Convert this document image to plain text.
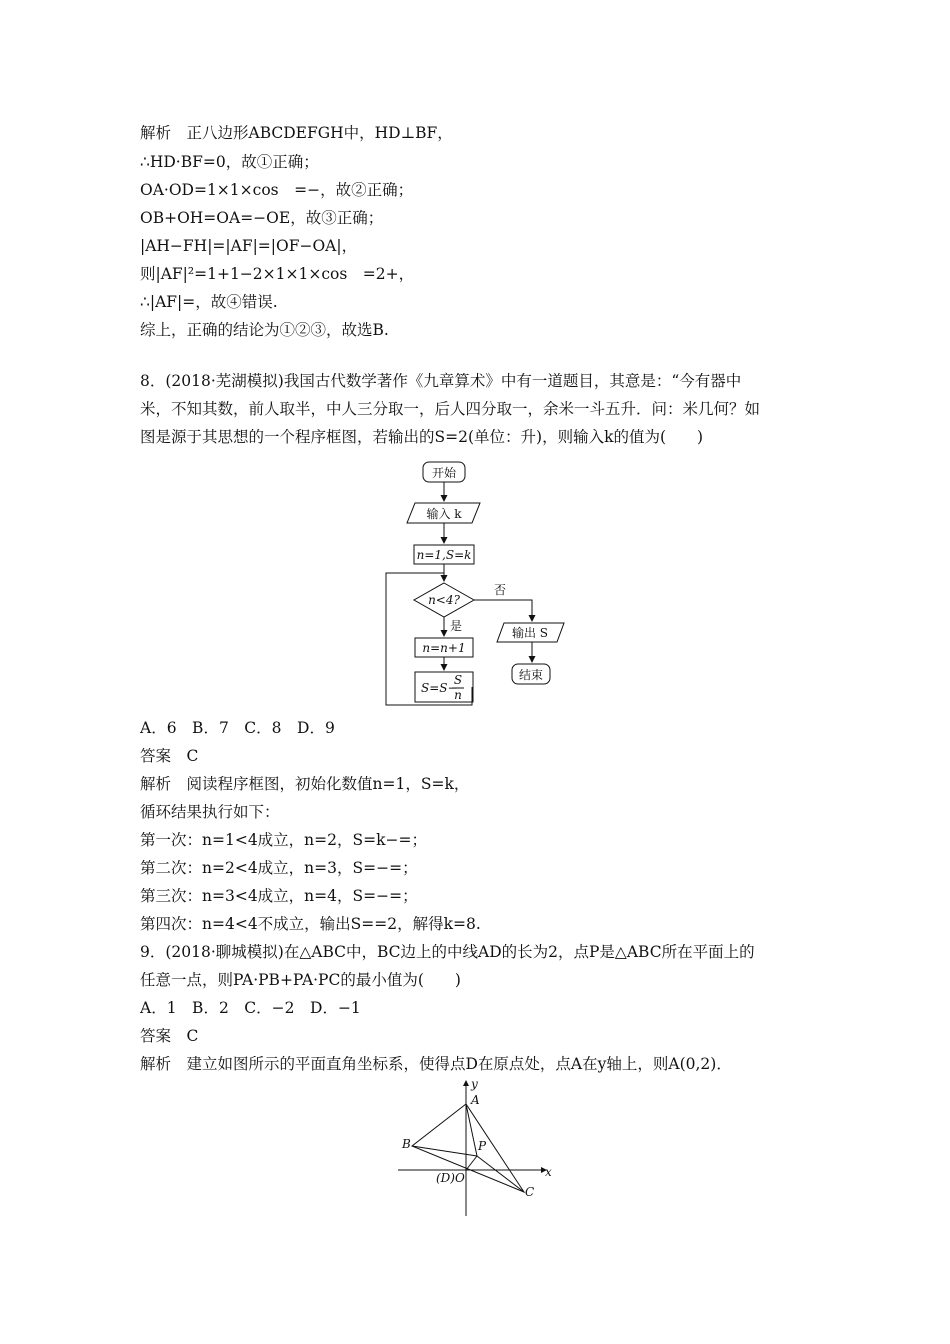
解析　正八边形ABCDEFGH中，HD⊥BF，
∴HD·BF=0，故①正确；
OA·OD=1×1×cos　=−，故②正确；
OB+OH=OA=−OE，故③正确；
|AH−FH|=|AF|=|OF−OA|，
则|AF|²=1+1−2×1×1×cos　=2+，
∴|AF|=，故④错误.
综上，正确的结论为①②③，故选B.
8．(2018·芜湖模拟)我国古代数学著作《九章算术》中有一道题目，其意是：“今有器中
米，不知其数，前人取半，中人三分取一，后人四分取一，余米一斗五升．问：米几何？如
图是源于其思想的一个程序框图，若输出的S=2(单位：升)，则输入k的值为(　　)
开始
输入 k
n=1,S=k
n<4?
否
是
n=n+1
S=S−
S
n
输出 S
结束
A．6　B．7　C．8　D．9
答案　C
解析　阅读程序框图，初始化数值n=1，S=k，
循环结果执行如下：
第一次：n=1<4成立，n=2，S=k−=；
第二次：n=2<4成立，n=3，S=−=；
第三次：n=3<4成立，n=4，S=−=；
第四次：n=4<4不成立，输出S==2，解得k=8.
9．(2018·聊城模拟)在△ABC中，BC边上的中线AD的长为2，点P是△ABC所在平面上的
任意一点，则PA·PB+PA·PC的最小值为(　　)
A．1　B．2　C．−2　D．−1
答案　C
解析　建立如图所示的平面直角坐标系，使得点D在原点处，点A在y轴上，则A(0,2)．
y
x
A
B	P
(D)O
C
